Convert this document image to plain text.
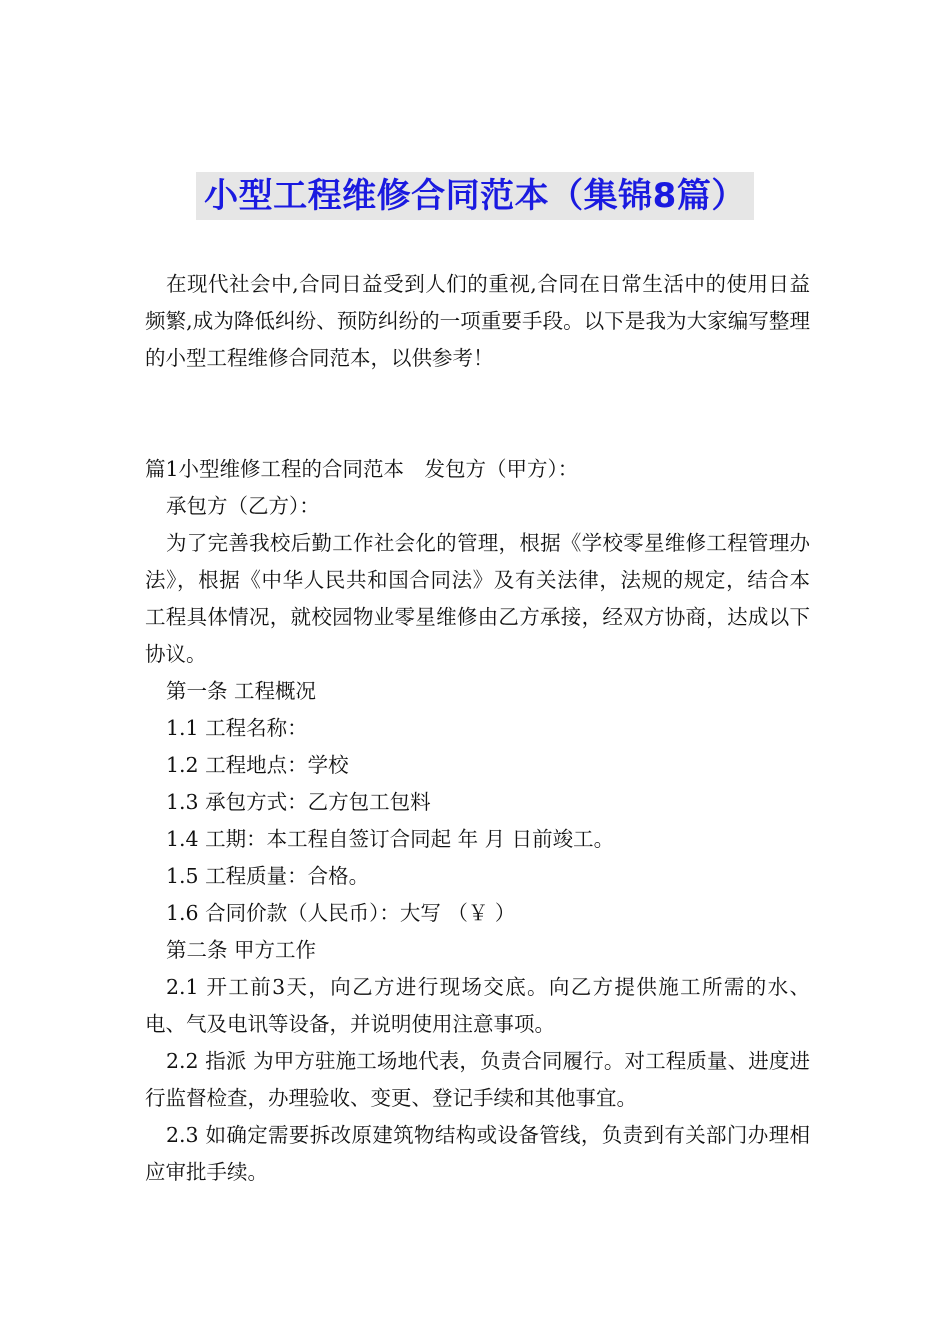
小型工程维修合同范本（集锦8篇）

在现代社会中,合同日益受到人们的重视,合同在日常生活中的使用日益频繁,成为降低纠纷、预防纠纷的一项重要手段。以下是我为大家编写整理的小型工程维修合同范本，以供参考！

篇1小型维修工程的合同范本　发包方（甲方）：

承包方（乙方）：

为了完善我校后勤工作社会化的管理，根据《学校零星维修工程管理办法》，根据《中华人民共和国合同法》及有关法律，法规的规定，结合本工程具体情况，就校园物业零星维修由乙方承接，经双方协商，达成以下协议。

第一条 工程概况

1.1 工程名称：

1.2 工程地点：学校

1.3 承包方式：乙方包工包料

1.4 工期：本工程自签订合同起 年 月 日前竣工。

1.5 工程质量：合格。

1.6 合同价款（人民币）：大写 （￥ ）

第二条 甲方工作

2.1 开工前3天，向乙方进行现场交底。向乙方提供施工所需的水、电、气及电讯等设备，并说明使用注意事项。

2.2 指派 为甲方驻施工场地代表，负责合同履行。对工程质量、进度进行监督检查，办理验收、变更、登记手续和其他事宜。

2.3 如确定需要拆改原建筑物结构或设备管线，负责到有关部门办理相应审批手续。
